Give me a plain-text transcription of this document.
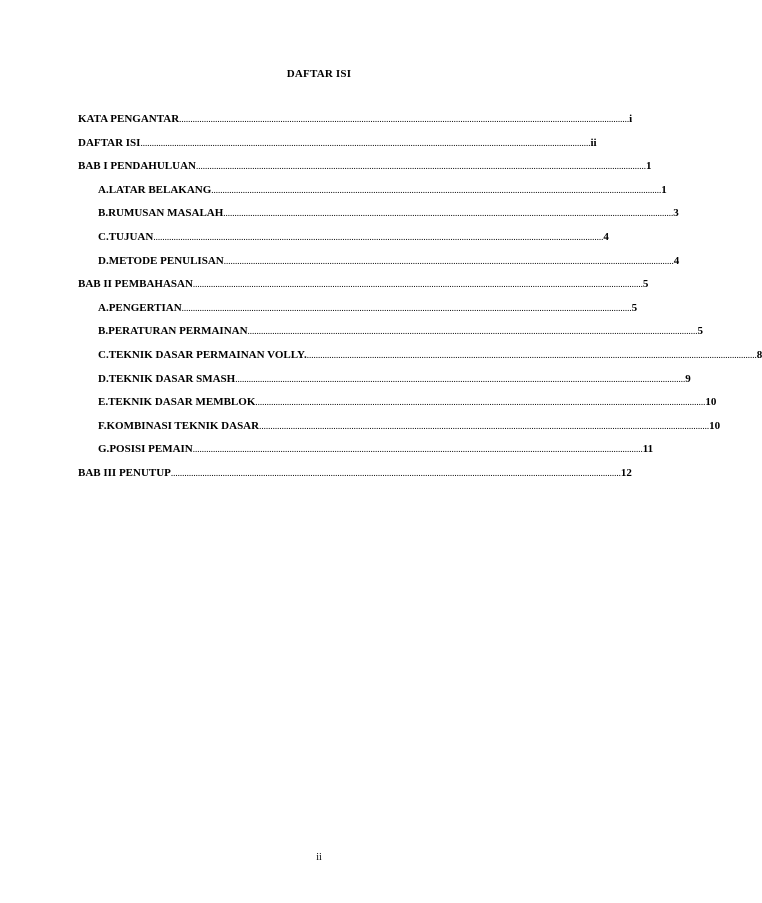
DAFTAR ISI
KATA PENGANTAR ........................................................................................................................................................................................................ i
DAFTAR ISI ........................................................................................................................................................................................................ ii
BAB I PENDAHULUAN ........................................................................................................................................................................................................ 1
A. LATAR BELAKANG ........................................................................................................................................................................................................ 1
B. RUMUSAN MASALAH ........................................................................................................................................................................................................ 3
C. TUJUAN ........................................................................................................................................................................................................ 4
D. METODE PENULISAN ........................................................................................................................................................................................................ 4
BAB II PEMBAHASAN ........................................................................................................................................................................................................ 5
A. PENGERTIAN ........................................................................................................................................................................................................ 5
B. PERATURAN PERMAINAN ........................................................................................................................................................................................................ 5
C. TEKNIK DASAR PERMAINAN VOLLY. ........................................................................................................................................................................................................ 8
D. TEKNIK DASAR SMASH ........................................................................................................................................................................................................ 9
E. TEKNIK DASAR MEMBLOK ........................................................................................................................................................................................................ 10
F. KOMBINASI TEKNIK DASAR ........................................................................................................................................................................................................ 10
G. POSISI PEMAIN ........................................................................................................................................................................................................ 11
BAB III PENUTUP ........................................................................................................................................................................................................ 12
ii
